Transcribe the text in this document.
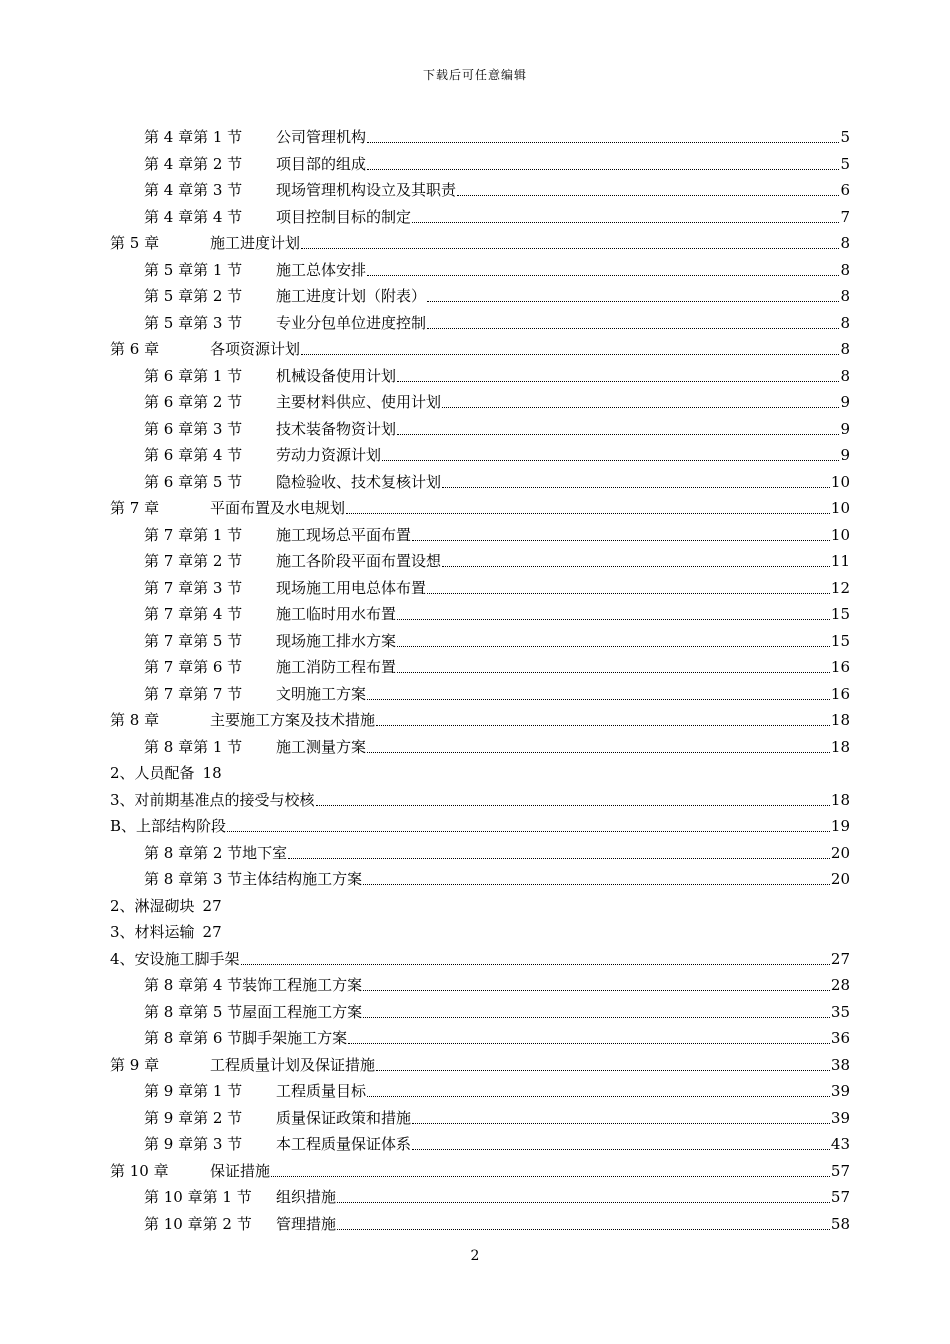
下载后可任意编辑
第 4 章第 1 节	公司管理机构	5
第 4 章第 2 节	项目部的组成	5
第 4 章第 3 节	现场管理机构设立及其职责	6
第 4 章第 4 节	项目控制目标的制定	7
第 5 章	施工进度计划	8
第 5 章第 1 节	施工总体安排	8
第 5 章第 2 节	施工进度计划（附表）	8
第 5 章第 3 节	专业分包单位进度控制	8
第 6 章	各项资源计划	8
第 6 章第 1 节	机械设备使用计划	8
第 6 章第 2 节	主要材料供应、使用计划	9
第 6 章第 3 节	技术装备物资计划	9
第 6 章第 4 节	劳动力资源计划	9
第 6 章第 5 节	隐检验收、技术复核计划	10
第 7 章	平面布置及水电规划	10
第 7 章第 1 节	施工现场总平面布置	10
第 7 章第 2 节	施工各阶段平面布置设想	11
第 7 章第 3 节	现场施工用电总体布置	12
第 7 章第 4 节	施工临时用水布置	15
第 7 章第 5 节	现场施工排水方案	15
第 7 章第 6 节	施工消防工程布置	16
第 7 章第 7 节	文明施工方案	16
第 8 章	主要施工方案及技术措施	18
第 8 章第 1 节	施工测量方案	18
2、人员配备 18
3、对前期基准点的接受与校核	18
B、上部结构阶段	19
第 8 章第 2 节地下室	20
第 8 章第 3 节主体结构施工方案	20
2、淋湿砌块 27
3、材料运输 27
4、安设施工脚手架	27
第 8 章第 4 节装饰工程施工方案	28
第 8 章第 5 节屋面工程施工方案	35
第 8 章第 6 节脚手架施工方案	36
第 9 章	工程质量计划及保证措施	38
第 9 章第 1 节	工程质量目标	39
第 9 章第 2 节	质量保证政策和措施	39
第 9 章第 3 节	本工程质量保证体系	43
第 10 章	保证措施	57
第 10 章第 1 节	组织措施	57
第 10 章第 2 节	管理措施	58
2
